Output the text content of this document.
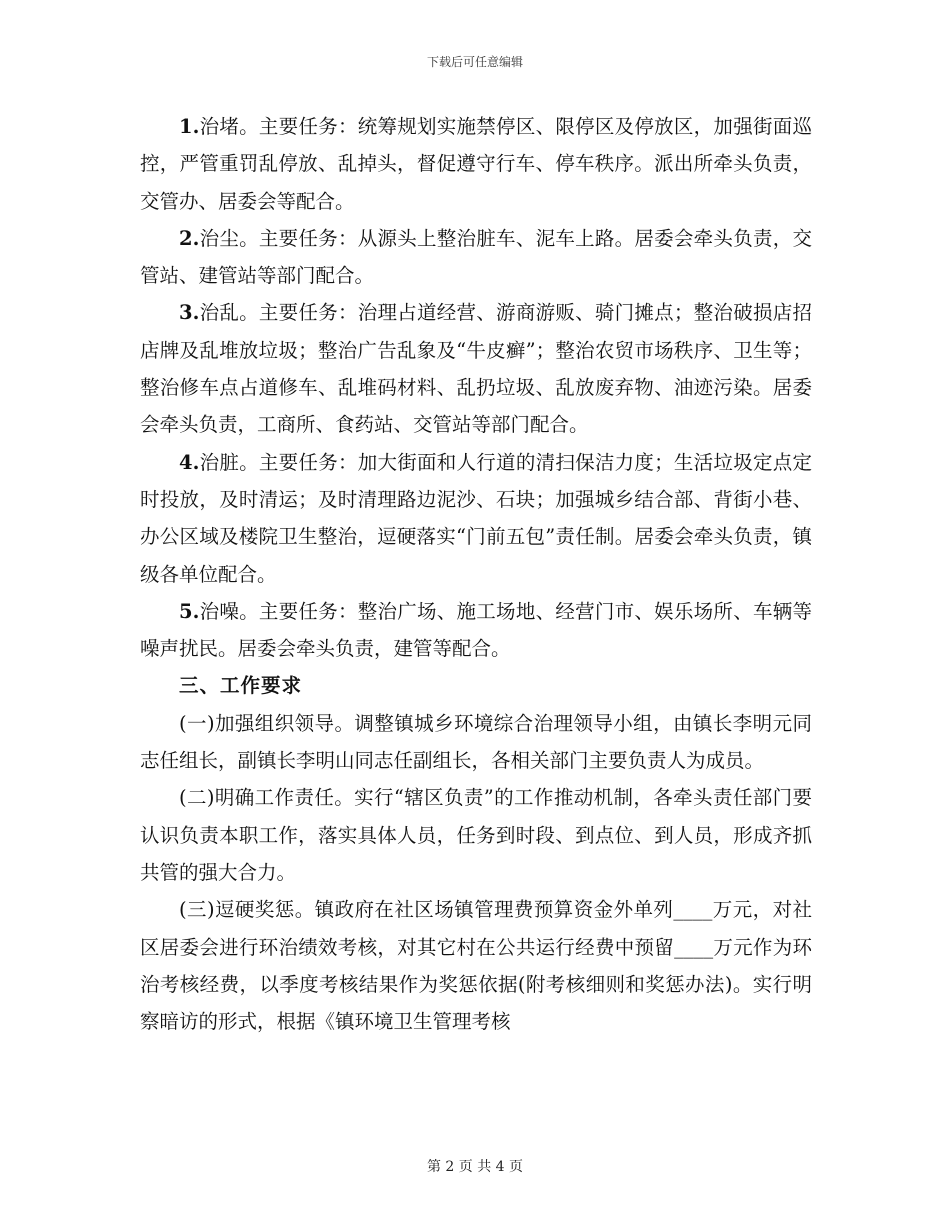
下载后可任意编辑

1.治堵。主要任务：统筹规划实施禁停区、限停区及停放区，加强街面巡控，严管重罚乱停放、乱掉头，督促遵守行车、停车秩序。派出所牵头负责，交管办、居委会等配合。

2.治尘。主要任务：从源头上整治脏车、泥车上路。居委会牵头负责，交管站、建管站等部门配合。

3.治乱。主要任务：治理占道经营、游商游贩、骑门摊点；整治破损店招店牌及乱堆放垃圾；整治广告乱象及“牛皮癣”；整治农贸市场秩序、卫生等；整治修车点占道修车、乱堆码材料、乱扔垃圾、乱放废弃物、油迹污染。居委会牵头负责，工商所、食药站、交管站等部门配合。

4.治脏。主要任务：加大街面和人行道的清扫保洁力度；生活垃圾定点定时投放，及时清运；及时清理路边泥沙、石块；加强城乡结合部、背街小巷、办公区域及楼院卫生整治，逗硬落实“门前五包”责任制。居委会牵头负责，镇级各单位配合。

5.治噪。主要任务：整治广场、施工场地、经营门市、娱乐场所、车辆等噪声扰民。居委会牵头负责，建管等配合。

三、工作要求

(一)加强组织领导。调整镇城乡环境综合治理领导小组，由镇长李明元同志任组长，副镇长李明山同志任副组长，各相关部门主要负责人为成员。

(二)明确工作责任。实行“辖区负责”的工作推动机制，各牵头责任部门要认识负责本职工作，落实具体人员，任务到时段、到点位、到人员，形成齐抓共管的强大合力。

(三)逗硬奖惩。镇政府在社区场镇管理费预算资金外单列____万元，对社区居委会进行环治绩效考核，对其它村在公共运行经费中预留____万元作为环治考核经费，以季度考核结果作为奖惩依据(附考核细则和奖惩办法)。实行明察暗访的形式，根据《镇环境卫生管理考核

第 2 页 共 4 页
